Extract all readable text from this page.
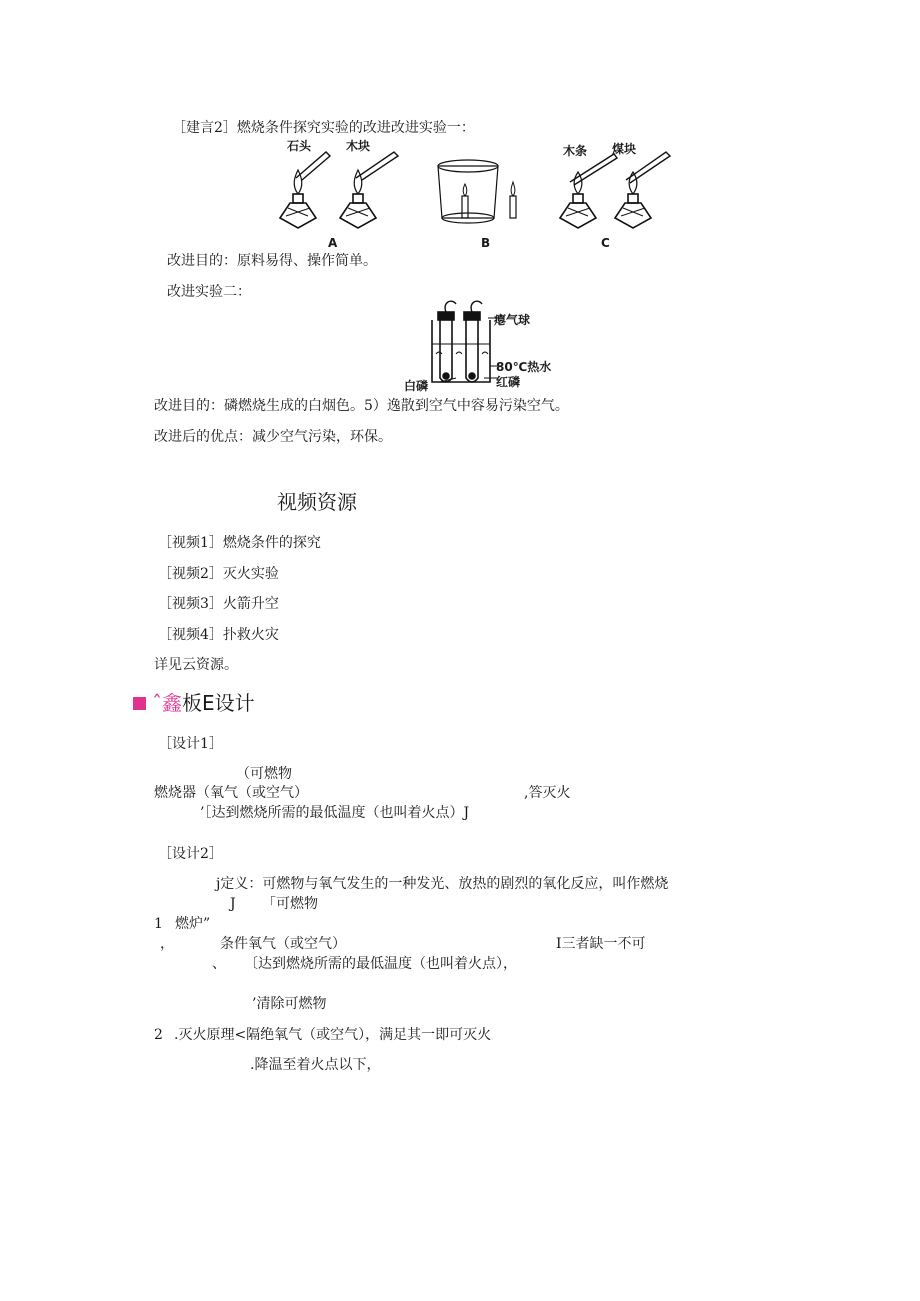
［建言2］燃烧条件探究实验的改进改进实验一：
石头	木块	木条 煤块
A	B	C
改进目的：原料易得、操作简单。
改进实验二：
瘪气球
80℃热水
红磷
白磷
改进目的：磷燃烧生成的白烟色。5）逸散到空气中容易污染空气。
改进后的优点：减少空气污染，环保。
视频资源
［视频1］燃烧条件的探究
［视频2］灭火实验
［视频3］火箭升空
［视频4］扑救火灾
详见云资源。
ˆ鑫板E设计
［设计1］
（可燃物
燃烧器（氧气（或空气）	,答灭火
’［达到燃烧所需的最低温度（也叫着火点）J
［设计2］
j定义：可燃物与氧气发生的一种发光、放热的剧烈的氧化反应，叫作燃烧
J 「可燃物
1 燃炉”
，	条件氧气（或空气）	I三者缺一不可
、 〔达到燃烧所需的最低温度（也叫着火点），
’清除可燃物
2 .灭火原理<隔绝氧气（或空气），满足其一即可灭火
.降温至着火点以下，
